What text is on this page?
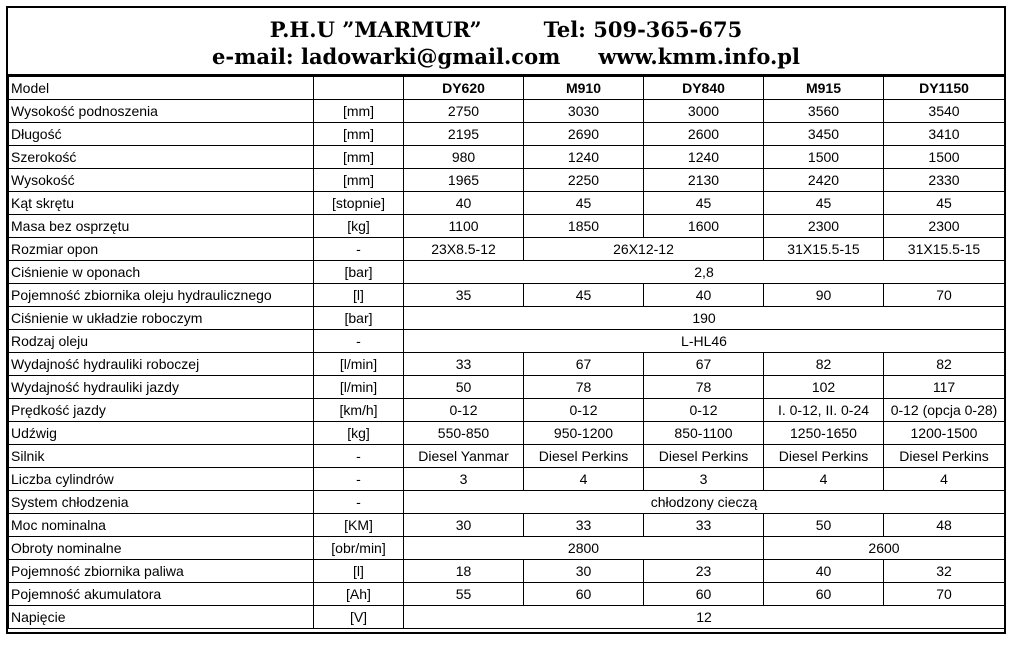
P.H.U ”MARMUR”	Tel: 509-365-675
e-mail: ladowarki@gmail.com www.kmm.info.pl
Model		DY620	M910	DY840	M915	DY1150
Wysokość podnoszenia	[mm]	2750	3030	3000	3560	3540
Długość	[mm]	2195	2690	2600	3450	3410
Szerokość	[mm]	980	1240	1240	1500	1500
Wysokość	[mm]	1965	2250	2130	2420	2330
Kąt skrętu	[stopnie]	40	45	45	45	45
Masa bez osprzętu	[kg]	1100	1850	1600	2300	2300
Rozmiar opon	-	23X8.5-12	26X12-12		31X15.5-15	31X15.5-15
Ciśnienie w oponach	[bar]	2,8				
Pojemność zbiornika oleju hydraulicznego	[l]	35	45	40	90	70
Ciśnienie w układzie roboczym	[bar]	190				
Rodzaj oleju	-	L-HL46				
Wydajność hydrauliki roboczej	[l/min]	33	67	67	82	82
Wydajność hydrauliki jazdy	[l/min]	50	78	78	102	117
Prędkość jazdy	[km/h]	0-12	0-12	0-12	I. 0-12, II. 0-24	0-12 (opcja 0-28)
Udźwig	[kg]	550-850	950-1200	850-1100	1250-1650	1200-1500
Silnik	-	Diesel Yanmar	Diesel Perkins	Diesel Perkins	Diesel Perkins	Diesel Perkins
Liczba cylindrów	-	3	4	3	4	4
System chłodzenia	-	chłodzony cieczą				
Moc nominalna	[KM]	30	33	33	50	48
Obroty nominalne	[obr/min]	2800			2600	
Pojemność zbiornika paliwa	[l]	18	30	23	40	32
Pojemność akumulatora	[Ah]	55	60	60	60	70
Napięcie	[V]	12				
